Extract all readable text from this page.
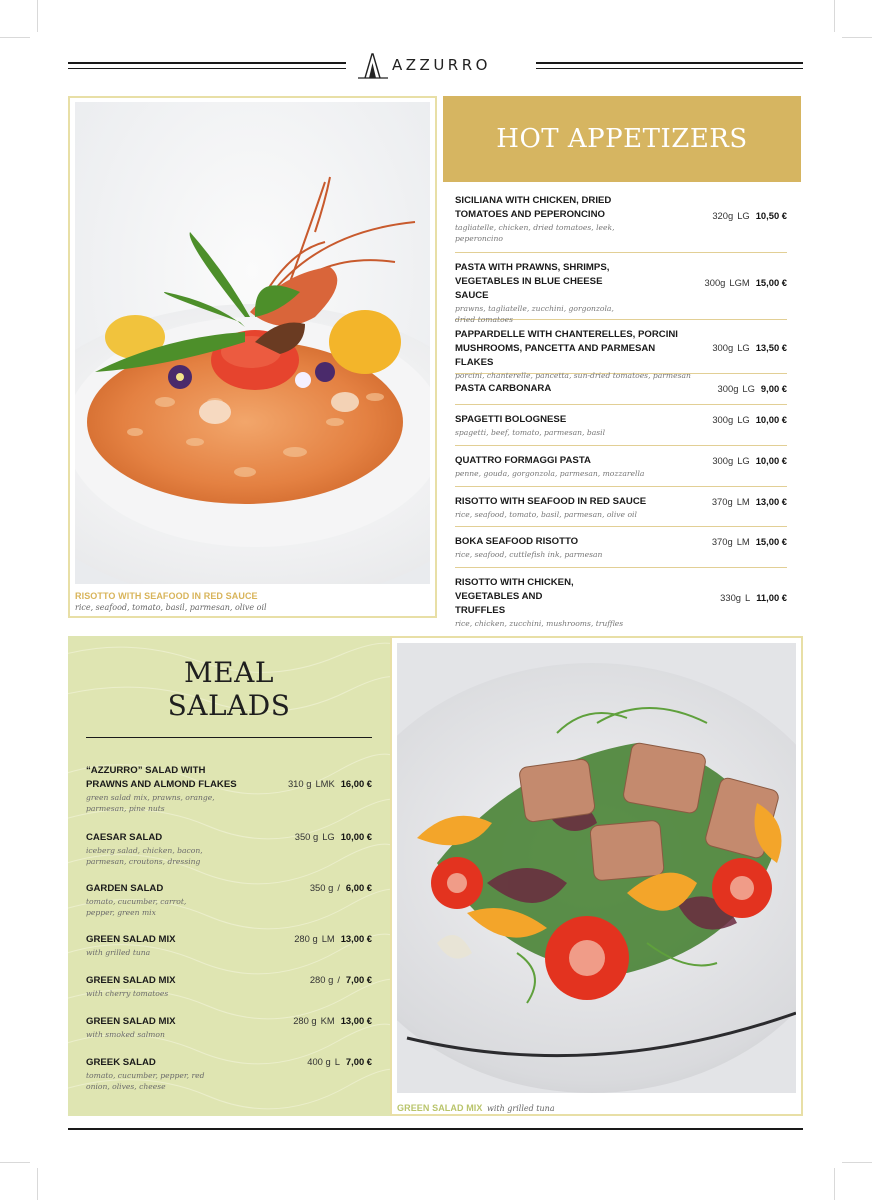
AZZURRO
RISOTTO WITH SEAFOOD IN RED SAUCE
rice, seafood, tomato, basil, parmesan, olive oil
HOT APPETIZERS
SICILIANA WITH CHICKEN, DRIED TOMATOES AND PEPERONCINO
tagliatelle, chicken, dried tomatoes, leek, peperoncino
320g LG 10,50 €
PASTA WITH PRAWNS, SHRIMPS, VEGETABLES IN BLUE CHEESE SAUCE
prawns, tagliatelle, zucchini, gorgonzola, dried tomatoes
300g LGM 15,00 €
PAPPARDELLE WITH CHANTERELLES, PORCINI MUSHROOMS, PANCETTA AND PARMESAN FLAKES
porcini, chanterelle, pancetta, sun-dried tomatoes, parmesan
300g LG 13,50 €
PASTA CARBONARA	300g LG 9,00 €
SPAGETTI BOLOGNESE
spagetti, beef, tomato, parmesan, basil
300g LG 10,00 €
QUATTRO FORMAGGI PASTA
penne, gouda, gorgonzola, parmesan, mozzarella
300g LG 10,00 €
RISOTTO WITH SEAFOOD IN RED SAUCE
rice, seafood, tomato, basil, parmesan, olive oil
370g LM 13,00 €
BOKA SEAFOOD RISOTTO
rice, seafood, cuttlefish ink, parmesan
370g LM 15,00 €
RISOTTO WITH CHICKEN, VEGETABLES AND TRUFFLES
rice, chicken, zucchini, mushrooms, truffles
330g L 11,00 €
MEAL
SALADS
“AZZURRO” SALAD WITH PRAWNS AND ALMOND FLAKES
green salad mix, prawns, orange, parmesan, pine nuts
310 g LMK 16,00 €
CAESAR SALAD
iceberg salad, chicken, bacon, parmesan, croutons, dressing
350 g LG 10,00 €
GARDEN SALAD
tomato, cucumber, carrot, pepper, green mix
350 g / 6,00 €
GREEN SALAD MIX
with grilled tuna
280 g LM 13,00 €
GREEN SALAD MIX
with cherry tomatoes
280 g / 7,00 €
GREEN SALAD MIX
with smoked salmon
280 g KM 13,00 €
GREEK SALAD
tomato, cucumber, pepper, red onion, olives, cheese
400 g L 7,00 €
GREEN SALAD MIX with grilled tuna
